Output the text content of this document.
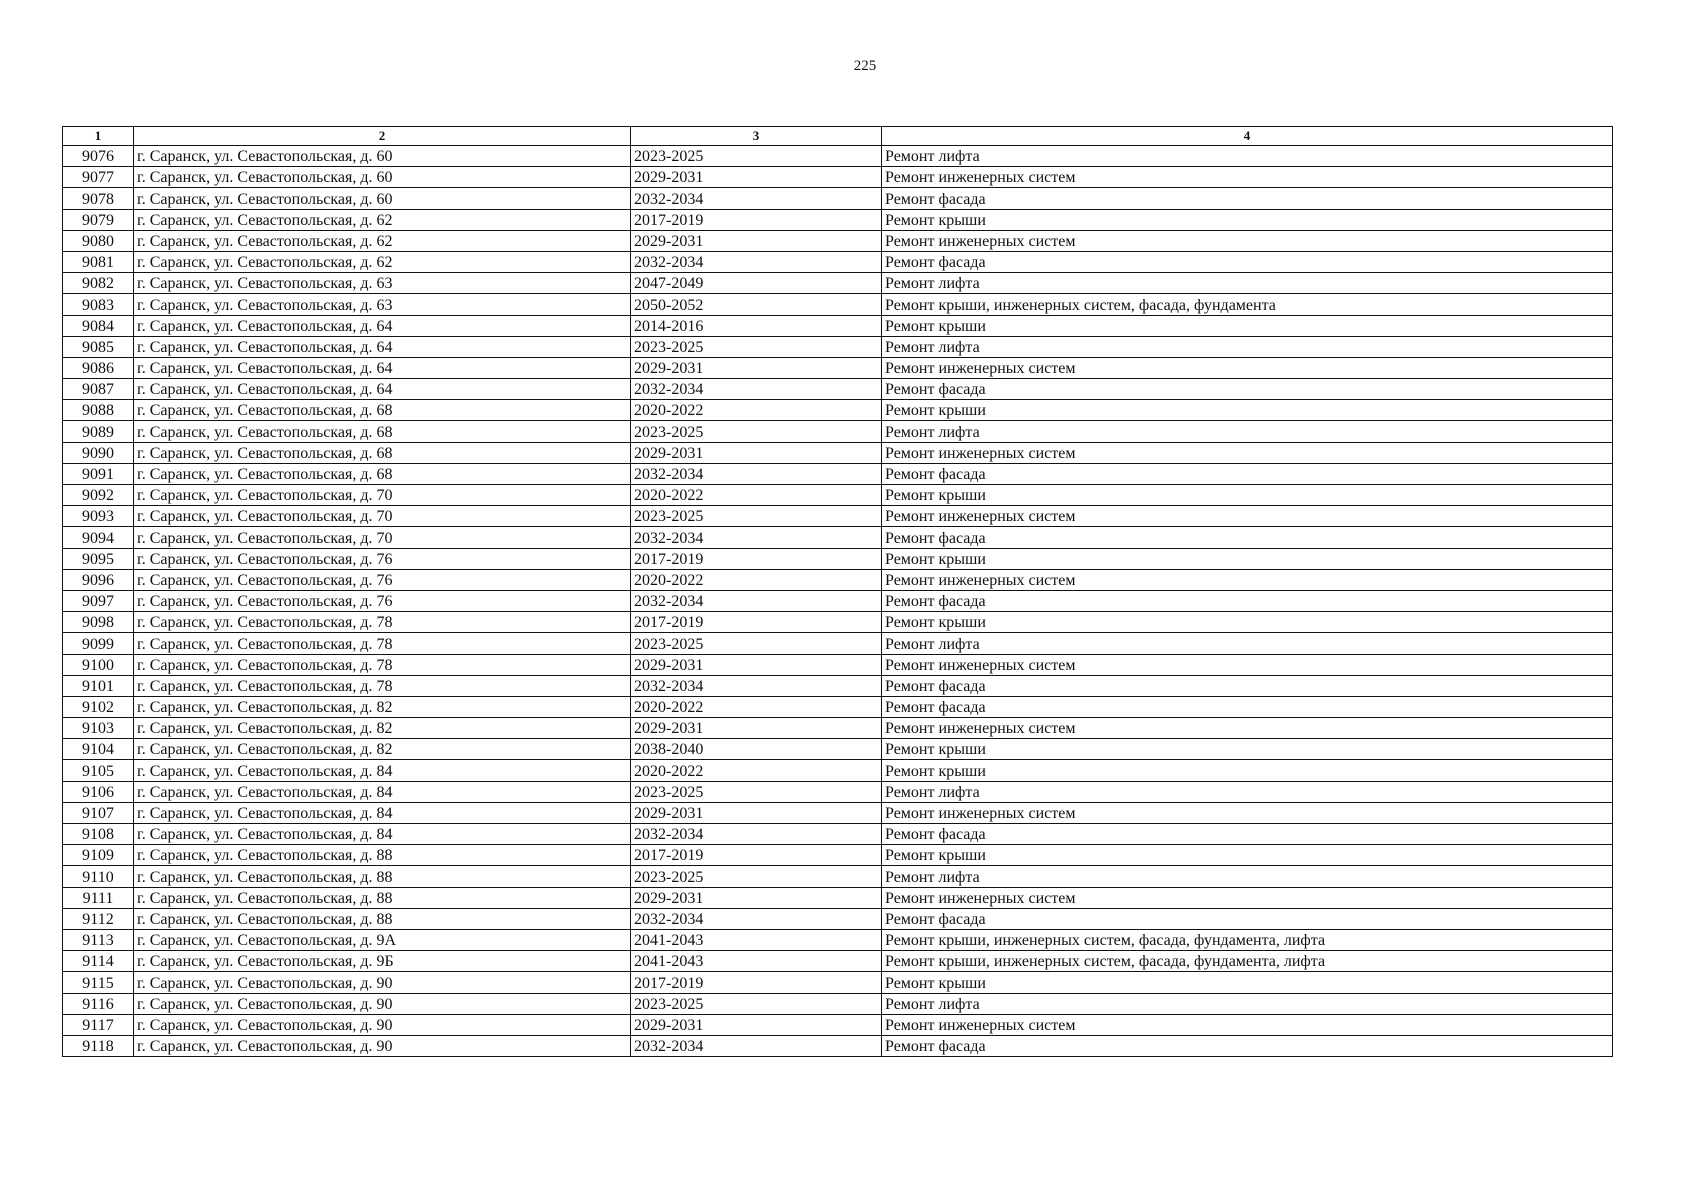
225
1	2	3	4
9076	г. Саранск, ул. Севастопольская, д. 60	2023-2025	Ремонт лифта
9077	г. Саранск, ул. Севастопольская, д. 60	2029-2031	Ремонт инженерных систем
9078	г. Саранск, ул. Севастопольская, д. 60	2032-2034	Ремонт фасада
9079	г. Саранск, ул. Севастопольская, д. 62	2017-2019	Ремонт крыши
9080	г. Саранск, ул. Севастопольская, д. 62	2029-2031	Ремонт инженерных систем
9081	г. Саранск, ул. Севастопольская, д. 62	2032-2034	Ремонт фасада
9082	г. Саранск, ул. Севастопольская, д. 63	2047-2049	Ремонт лифта
9083	г. Саранск, ул. Севастопольская, д. 63	2050-2052	Ремонт крыши, инженерных систем, фасада, фундамента
9084	г. Саранск, ул. Севастопольская, д. 64	2014-2016	Ремонт крыши
9085	г. Саранск, ул. Севастопольская, д. 64	2023-2025	Ремонт лифта
9086	г. Саранск, ул. Севастопольская, д. 64	2029-2031	Ремонт инженерных систем
9087	г. Саранск, ул. Севастопольская, д. 64	2032-2034	Ремонт фасада
9088	г. Саранск, ул. Севастопольская, д. 68	2020-2022	Ремонт крыши
9089	г. Саранск, ул. Севастопольская, д. 68	2023-2025	Ремонт лифта
9090	г. Саранск, ул. Севастопольская, д. 68	2029-2031	Ремонт инженерных систем
9091	г. Саранск, ул. Севастопольская, д. 68	2032-2034	Ремонт фасада
9092	г. Саранск, ул. Севастопольская, д. 70	2020-2022	Ремонт крыши
9093	г. Саранск, ул. Севастопольская, д. 70	2023-2025	Ремонт инженерных систем
9094	г. Саранск, ул. Севастопольская, д. 70	2032-2034	Ремонт фасада
9095	г. Саранск, ул. Севастопольская, д. 76	2017-2019	Ремонт крыши
9096	г. Саранск, ул. Севастопольская, д. 76	2020-2022	Ремонт инженерных систем
9097	г. Саранск, ул. Севастопольская, д. 76	2032-2034	Ремонт фасада
9098	г. Саранск, ул. Севастопольская, д. 78	2017-2019	Ремонт крыши
9099	г. Саранск, ул. Севастопольская, д. 78	2023-2025	Ремонт лифта
9100	г. Саранск, ул. Севастопольская, д. 78	2029-2031	Ремонт инженерных систем
9101	г. Саранск, ул. Севастопольская, д. 78	2032-2034	Ремонт фасада
9102	г. Саранск, ул. Севастопольская, д. 82	2020-2022	Ремонт фасада
9103	г. Саранск, ул. Севастопольская, д. 82	2029-2031	Ремонт инженерных систем
9104	г. Саранск, ул. Севастопольская, д. 82	2038-2040	Ремонт крыши
9105	г. Саранск, ул. Севастопольская, д. 84	2020-2022	Ремонт крыши
9106	г. Саранск, ул. Севастопольская, д. 84	2023-2025	Ремонт лифта
9107	г. Саранск, ул. Севастопольская, д. 84	2029-2031	Ремонт инженерных систем
9108	г. Саранск, ул. Севастопольская, д. 84	2032-2034	Ремонт фасада
9109	г. Саранск, ул. Севастопольская, д. 88	2017-2019	Ремонт крыши
9110	г. Саранск, ул. Севастопольская, д. 88	2023-2025	Ремонт лифта
9111	г. Саранск, ул. Севастопольская, д. 88	2029-2031	Ремонт инженерных систем
9112	г. Саранск, ул. Севастопольская, д. 88	2032-2034	Ремонт фасада
9113	г. Саранск, ул. Севастопольская, д. 9А	2041-2043	Ремонт крыши, инженерных систем, фасада, фундамента, лифта
9114	г. Саранск, ул. Севастопольская, д. 9Б	2041-2043	Ремонт крыши, инженерных систем, фасада, фундамента, лифта
9115	г. Саранск, ул. Севастопольская, д. 90	2017-2019	Ремонт крыши
9116	г. Саранск, ул. Севастопольская, д. 90	2023-2025	Ремонт лифта
9117	г. Саранск, ул. Севастопольская, д. 90	2029-2031	Ремонт инженерных систем
9118	г. Саранск, ул. Севастопольская, д. 90	2032-2034	Ремонт фасада
